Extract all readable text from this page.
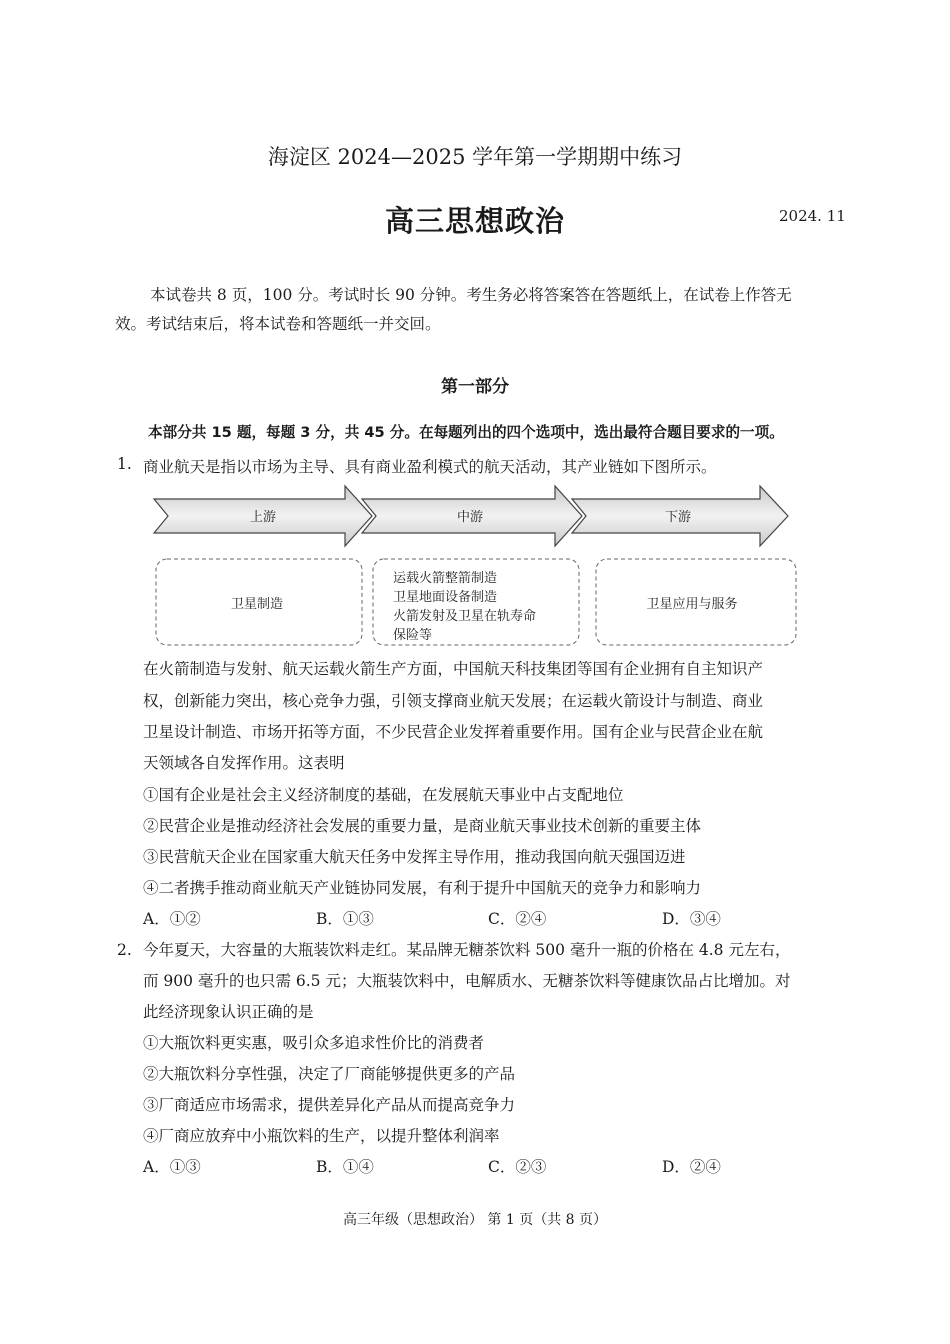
海淀区 2024—2025 学年第一学期期中练习
高三思想政治	2024. 11
本试卷共 8 页，100 分。考试时长 90 分钟。考生务必将答案答在答题纸上，在试卷上作答无
效。考试结束后，将本试卷和答题纸一并交回。
第一部分
本部分共 15 题，每题 3 分，共 45 分。在每题列出的四个选项中，选出最符合题目要求的一项。
1. 商业航天是指以市场为主导、具有商业盈利模式的航天活动，其产业链如下图所示。
上游	中游	下游
卫星制造
运载火箭整箭制造
卫星地面设备制造
火箭发射及卫星在轨寿命
保险等
卫星应用与服务
在火箭制造与发射、航天运载火箭生产方面，中国航天科技集团等国有企业拥有自主知识产
权，创新能力突出，核心竞争力强，引领支撑商业航天发展；在运载火箭设计与制造、商业
卫星设计制造、市场开拓等方面，不少民营企业发挥着重要作用。国有企业与民营企业在航
天领域各自发挥作用。这表明
①国有企业是社会主义经济制度的基础，在发展航天事业中占支配地位
②民营企业是推动经济社会发展的重要力量，是商业航天事业技术创新的重要主体
③民营航天企业在国家重大航天任务中发挥主导作用，推动我国向航天强国迈进
④二者携手推动商业航天产业链协同发展，有利于提升中国航天的竞争力和影响力
A．①②	B．①③	C．②④	D．③④
2. 今年夏天，大容量的大瓶装饮料走红。某品牌无糖茶饮料 500 毫升一瓶的价格在 4.8 元左右，
而 900 毫升的也只需 6.5 元；大瓶装饮料中，电解质水、无糖茶饮料等健康饮品占比增加。对
此经济现象认识正确的是
①大瓶饮料更实惠，吸引众多追求性价比的消费者
②大瓶饮料分享性强，决定了厂商能够提供更多的产品
③厂商适应市场需求，提供差异化产品从而提高竞争力
④厂商应放弃中小瓶饮料的生产，以提升整体利润率
A．①③	B．①④	C．②③	D．②④
高三年级（思想政治） 第 1 页（共 8 页）
